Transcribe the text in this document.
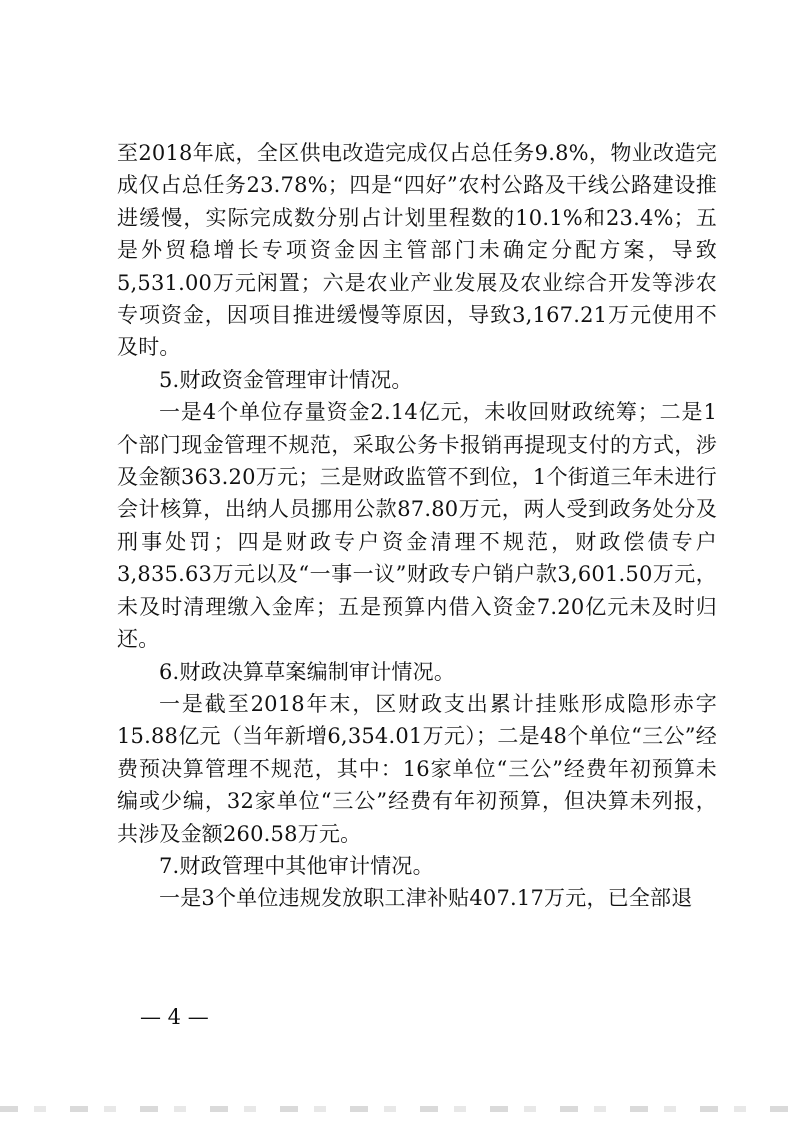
至2018年底，全区供电改造完成仅占总任务9.8%，物业改造完成仅占总任务23.78%；四是“四好”农村公路及干线公路建设推进缓慢，实际完成数分别占计划里程数的10.1%和23.4%；五是外贸稳增长专项资金因主管部门未确定分配方案，导致5,531.00万元闲置；六是农业产业发展及农业综合开发等涉农专项资金，因项目推进缓慢等原因，导致3,167.21万元使用不及时。

5.财政资金管理审计情况。

一是4个单位存量资金2.14亿元，未收回财政统筹；二是1个部门现金管理不规范，采取公务卡报销再提现支付的方式，涉及金额363.20万元；三是财政监管不到位，1个街道三年未进行会计核算，出纳人员挪用公款87.80万元，两人受到政务处分及刑事处罚；四是财政专户资金清理不规范，财政偿债专户3,835.63万元以及“一事一议”财政专户销户款3,601.50万元，未及时清理缴入金库；五是预算内借入资金7.20亿元未及时归还。

6.财政决算草案编制审计情况。

一是截至2018年末，区财政支出累计挂账形成隐形赤字15.88亿元（当年新增6,354.01万元）；二是48个单位“三公”经费预决算管理不规范，其中：16家单位“三公”经费年初预算未编或少编，32家单位“三公”经费有年初预算，但决算未列报，共涉及金额260.58万元。

7.财政管理中其他审计情况。

一是3个单位违规发放职工津补贴407.17万元，已全部退

— 4 —
